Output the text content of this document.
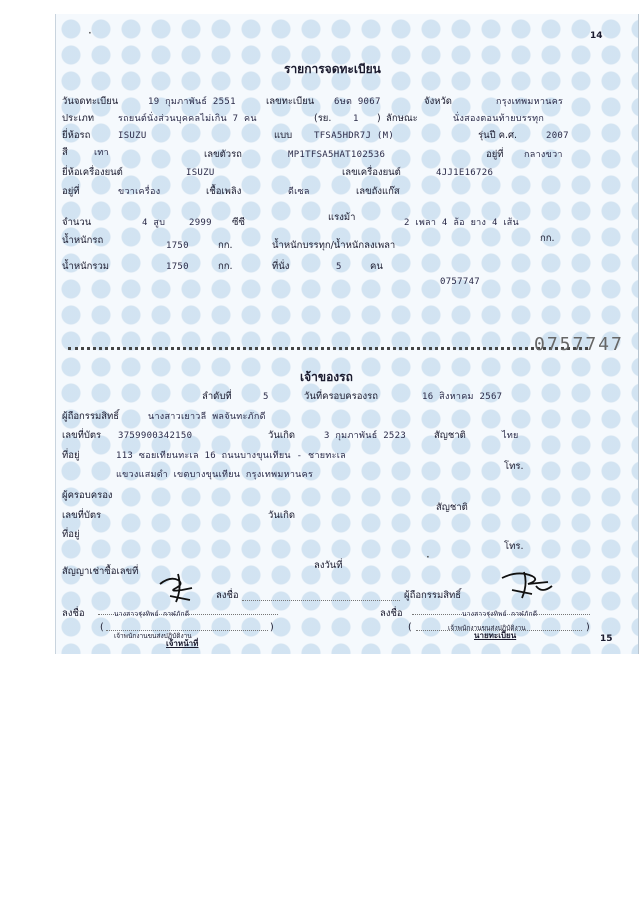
รายการจดทะเบียน
วันจดทะเบียน	19 กุมภาพันธ์ 2551	เลขทะเบียน 6ษต 9067	จังหวัด	กรุงเทพมหานคร
ประเภท	รถยนต์นั่งส่วนบุคคลไม่เกิน 7 คน	(รย. 1 ) ลักษณะ	นั่งสองตอนท้ายบรรทุก
ยี่ห้อรถ	ISUZU	แบบ TFSA5HDR7J (M)	รุ่นปี ค.ศ.	2007
สี	เทา	เลขตัวรถ	MP1TFSA5HAT102536	อยู่ที่ กลางขวา
ยี่ห้อเครื่องยนต์	ISUZU	เลขเครื่องยนต์	4JJ1E16726
อยู่ที่	ขวาเครื่อง	เชื้อเพลิง	ดีเซล	เลขถังแก๊ส
จำนวน	4 สูบ	2999 ซีซี	แรงม้า	2 เพลา 4 ล้อ ยาง 4 เส้น
น้ำหนักรถ	1750	กก.	น้ำหนักบรรทุก/น้ำหนักลงเพลา
กก.
น้ำหนักรวม	1750	กก.	ที่นั่ง	5	คน
0757747
0757747
เจ้าของรถ
ลำดับที่	5	วันที่ครอบครองรถ	16 สิงหาคม 2567
ผู้ถือกรรมสิทธิ์	นางสาวเยาวลี พลจันทะภักดี
เลขที่บัตร 3759900342150	วันเกิด	3 กุมภาพันธ์ 2523	สัญชาติ	ไทย
ที่อยู่	113 ซอยเทียนทะเล 16 ถนนบางขุนเทียน - ชายทะเล
แขวงแสมดำ เขตบางขุนเทียน กรุงเทพมหานคร
โทร.
ผู้ครอบครอง
เลขที่บัตร	วันเกิด
สัญชาติ
ที่อยู่
โทร.
สัญญาเช่าซื้อเลขที่
ลงวันที่
·
ลงชื่อ	ผู้ถือกรรมสิทธิ์
ลงชื่อ	นางสาวรุ่งทิพย์ กาฬภักดี
(	)
เจ้าพนักงานขนส่งปฏิบัติงาน
เจ้าหน้าที่
ลงชื่อ	นางสาวรุ่งทิพย์ กาฬภักดี
(	)
เจ้าพนักงานขนส่งปฏิบัติงาน
นายทะเบียน
·	14
15
